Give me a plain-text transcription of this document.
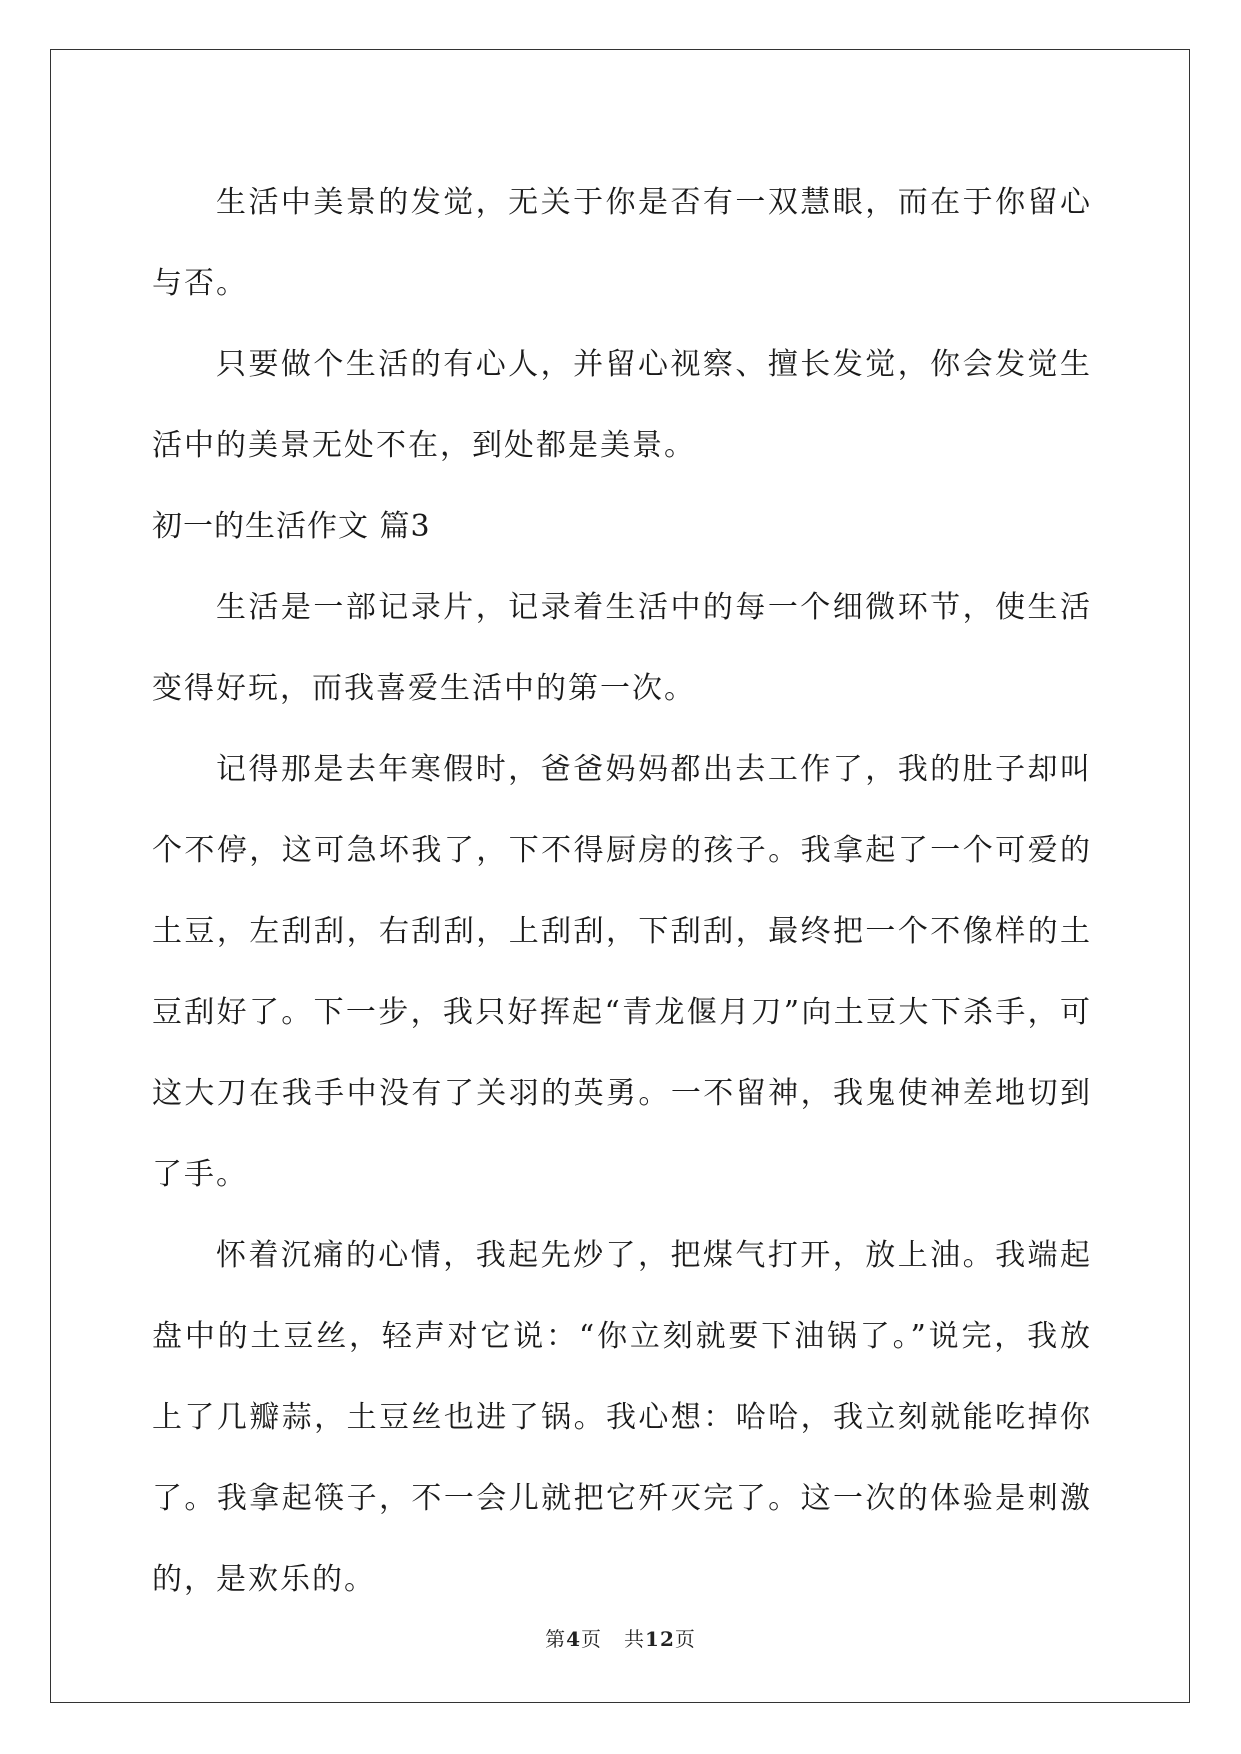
生活中美景的发觉，无关于你是否有一双慧眼，而在于你留心与否。

只要做个生活的有心人，并留心视察、擅长发觉，你会发觉生活中的美景无处不在，到处都是美景。

初一的生活作文 篇3

生活是一部记录片，记录着生活中的每一个细微环节，使生活变得好玩，而我喜爱生活中的第一次。

记得那是去年寒假时，爸爸妈妈都出去工作了，我的肚子却叫个不停，这可急坏我了，下不得厨房的孩子。我拿起了一个可爱的土豆，左刮刮，右刮刮，上刮刮，下刮刮，最终把一个不像样的土豆刮好了。下一步，我只好挥起“青龙偃月刀”向土豆大下杀手，可这大刀在我手中没有了关羽的英勇。一不留神，我鬼使神差地切到了手。

怀着沉痛的心情，我起先炒了，把煤气打开，放上油。我端起盘中的土豆丝，轻声对它说：“你立刻就要下油锅了。”说完，我放上了几瓣蒜，土豆丝也进了锅。我心想：哈哈，我立刻就能吃掉你了。我拿起筷子，不一会儿就把它歼灭完了。这一次的体验是刺激的，是欢乐的。

第4页 共12页
